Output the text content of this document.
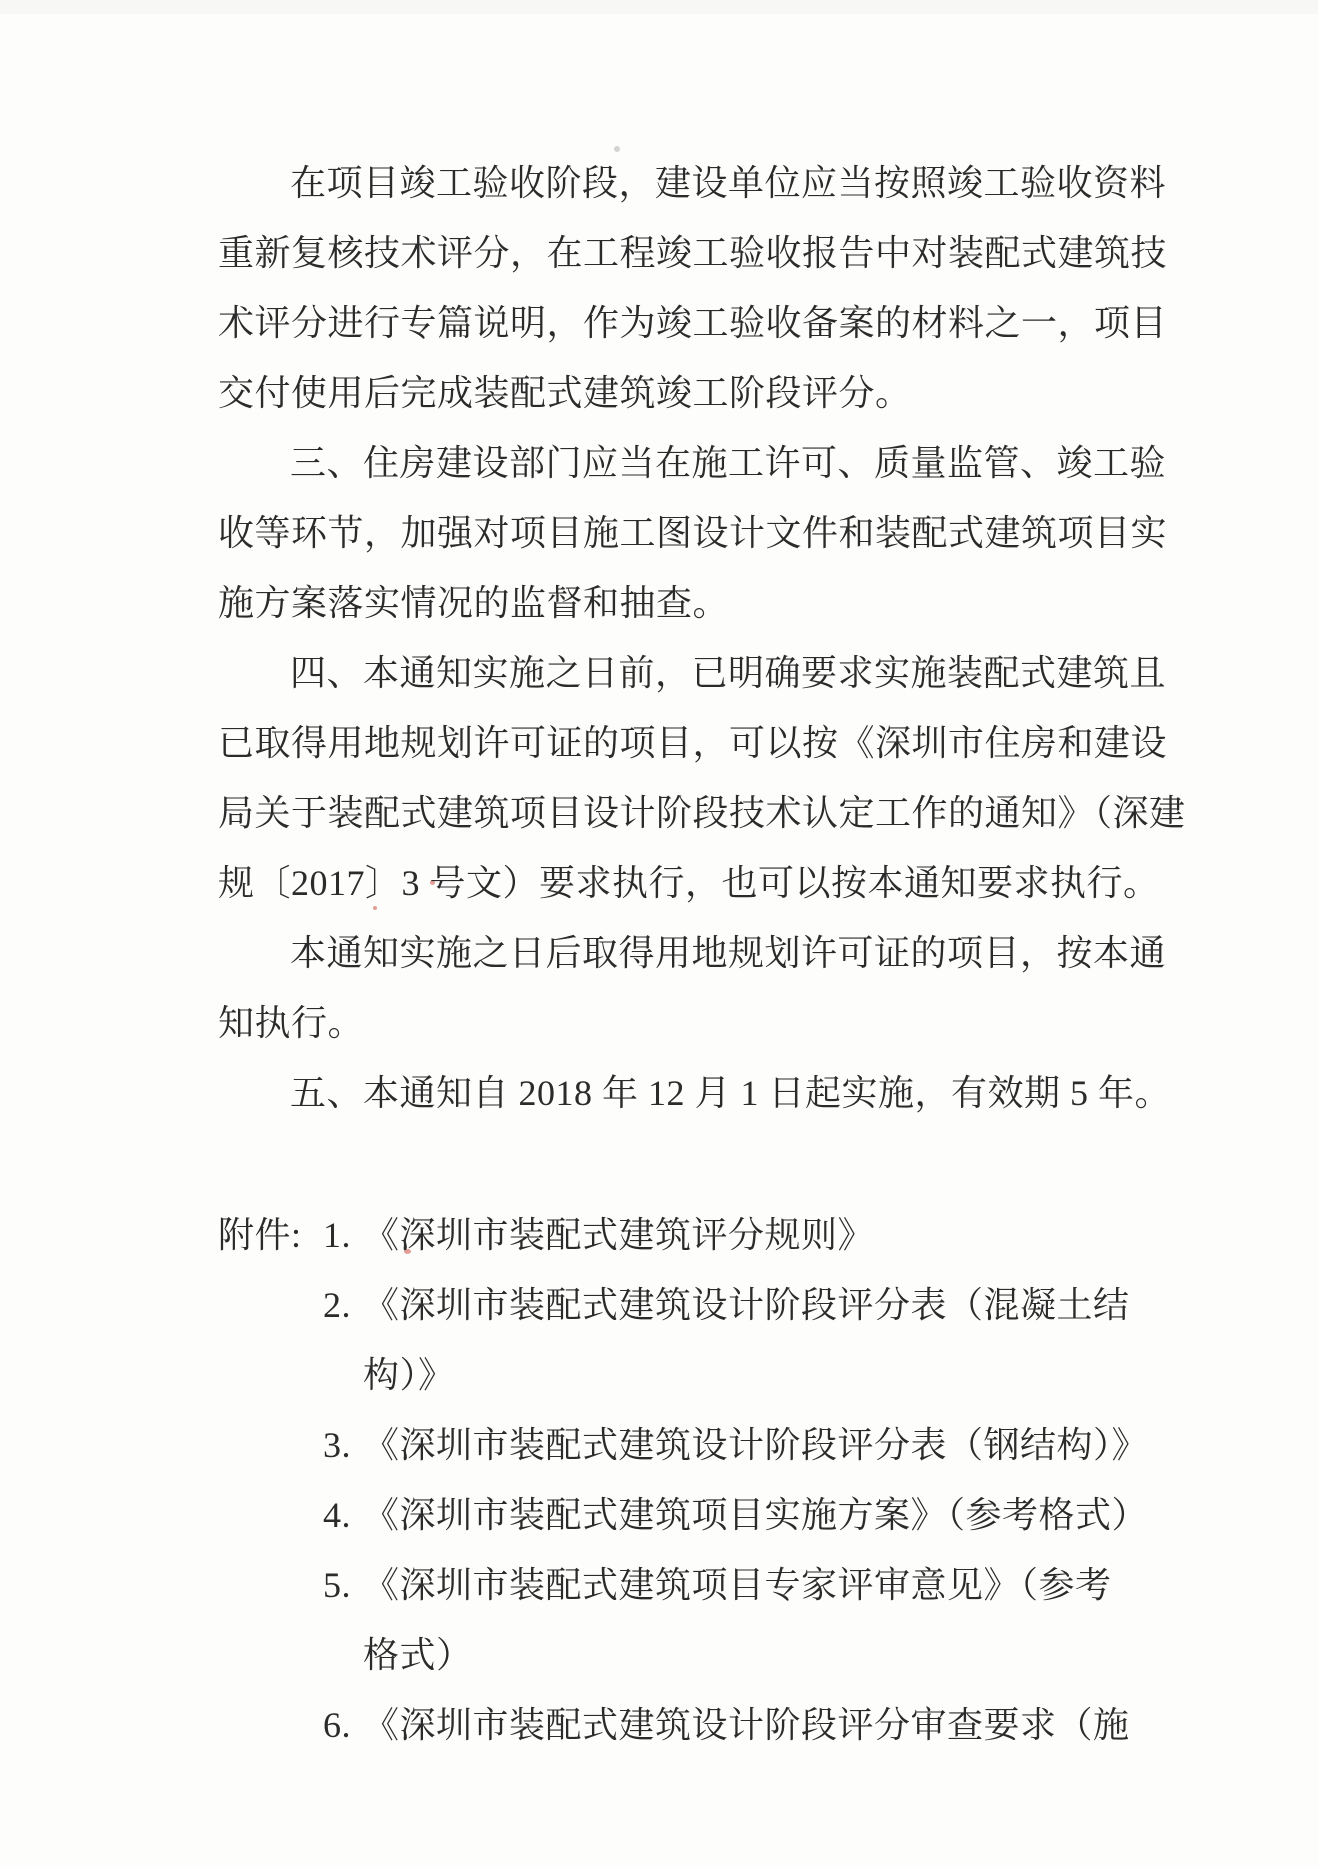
在项目竣工验收阶段，建设单位应当按照竣工验收资料
重新复核技术评分，在工程竣工验收报告中对装配式建筑技
术评分进行专篇说明，作为竣工验收备案的材料之一，项目
交付使用后完成装配式建筑竣工阶段评分。
三、住房建设部门应当在施工许可、质量监管、竣工验
收等环节，加强对项目施工图设计文件和装配式建筑项目实
施方案落实情况的监督和抽查。
四、本通知实施之日前，已明确要求实施装配式建筑且
已取得用地规划许可证的项目，可以按《深圳市住房和建设
局关于装配式建筑项目设计阶段技术认定工作的通知》（深建
规〔2017〕3 号文）要求执行，也可以按本通知要求执行。
本通知实施之日后取得用地规划许可证的项目，按本通
知执行。
五、本通知自 2018 年 12 月 1 日起实施，有效期 5 年。
附件: 1. 《深圳市装配式建筑评分规则》
2. 《深圳市装配式建筑设计阶段评分表（混凝土结
构）》
3. 《深圳市装配式建筑设计阶段评分表（钢结构）》
4. 《深圳市装配式建筑项目实施方案》（参考格式）
5. 《深圳市装配式建筑项目专家评审意见》（参考
格式）
6. 《深圳市装配式建筑设计阶段评分审查要求（施
